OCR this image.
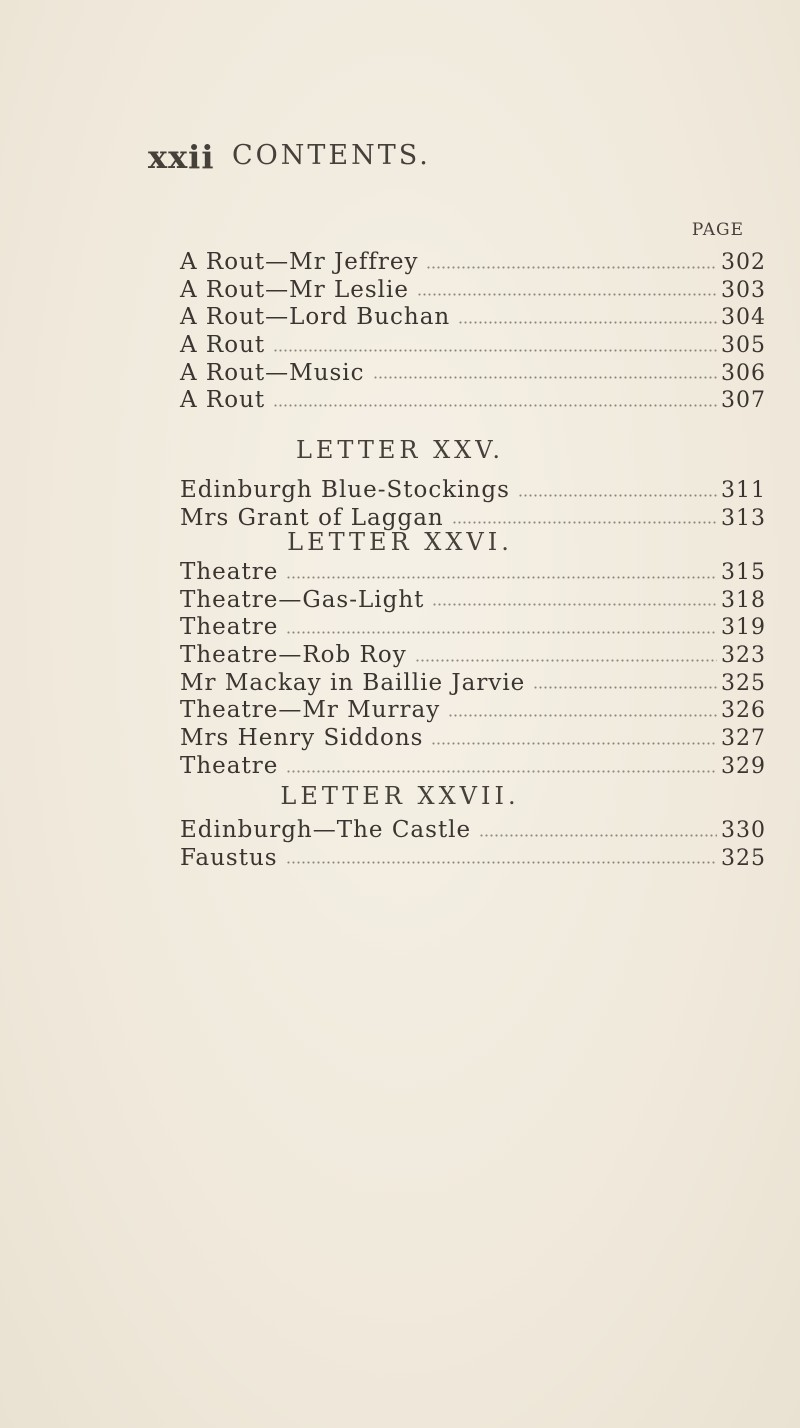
xxii CONTENTS.
PAGE
A Rout—Mr Jeffrey	302
A Rout—Mr Leslie	303
A Rout—Lord Buchan	304
A Rout	305
A Rout—Music	306
A Rout	307
LETTER XXV.
Edinburgh Blue-Stockings	311
Mrs Grant of Laggan	313
LETTER XXVI.
Theatre	315
Theatre—Gas-Light	318
Theatre	319
Theatre—Rob Roy	323
Mr Mackay in Baillie Jarvie	325
Theatre—Mr Murray	326
Mrs Henry Siddons	327
Theatre	329
LETTER XXVII.
Edinburgh—The Castle	330
Faustus	325
